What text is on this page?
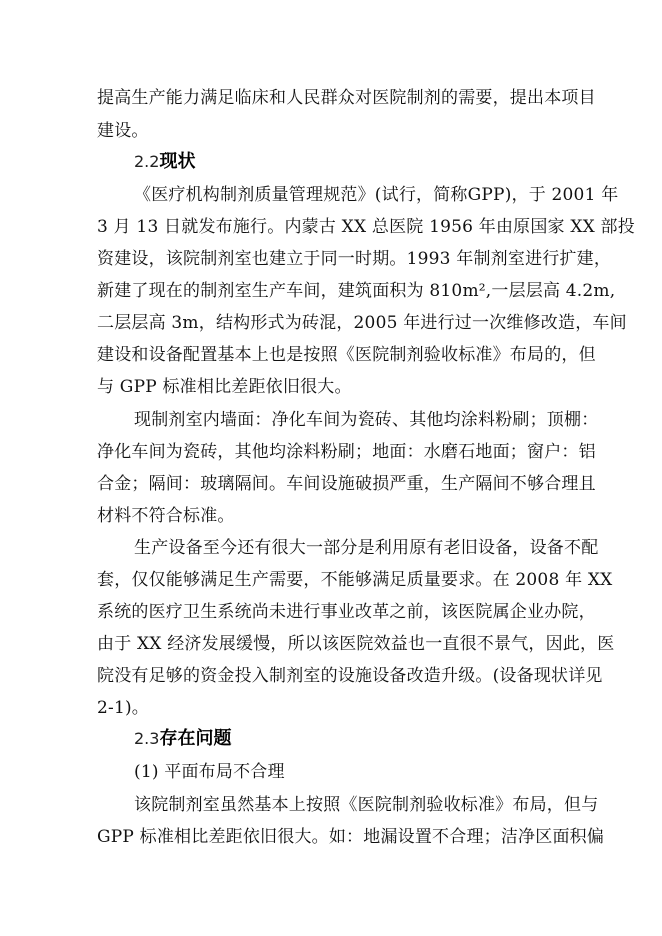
提高生产能力满足临床和人民群众对医院制剂的需要，提出本项目
建设。
2.2现状
《医疗机构制剂质量管理规范》(试行，简称GPP)，于 2001 年
3 月 13 日就发布施行。内蒙古 XX 总医院 1956 年由原国家 XX 部投
资建设，该院制剂室也建立于同一时期。1993 年制剂室进行扩建，
新建了现在的制剂室生产车间，建筑面积为 810m²,一层层高 4.2m,
二层层高 3m，结构形式为砖混，2005 年进行过一次维修改造，车间
建设和设备配置基本上也是按照《医院制剂验收标准》布局的，但
与 GPP 标准相比差距依旧很大。
现制剂室内墙面：净化车间为瓷砖、其他均涂料粉刷；顶棚：
净化车间为瓷砖，其他均涂料粉刷；地面：水磨石地面；窗户：铝
合金；隔间：玻璃隔间。车间设施破损严重，生产隔间不够合理且
材料不符合标准。
生产设备至今还有很大一部分是利用原有老旧设备，设备不配
套，仅仅能够满足生产需要，不能够满足质量要求。在 2008 年 XX
系统的医疗卫生系统尚未进行事业改革之前，该医院属企业办院，
由于 XX 经济发展缓慢，所以该医院效益也一直很不景气，因此，医
院没有足够的资金投入制剂室的设施设备改造升级。(设备现状详见
2-1)。
2.3存在问题
(1) 平面布局不合理
该院制剂室虽然基本上按照《医院制剂验收标准》布局，但与
GPP 标准相比差距依旧很大。如：地漏设置不合理；洁净区面积偏
